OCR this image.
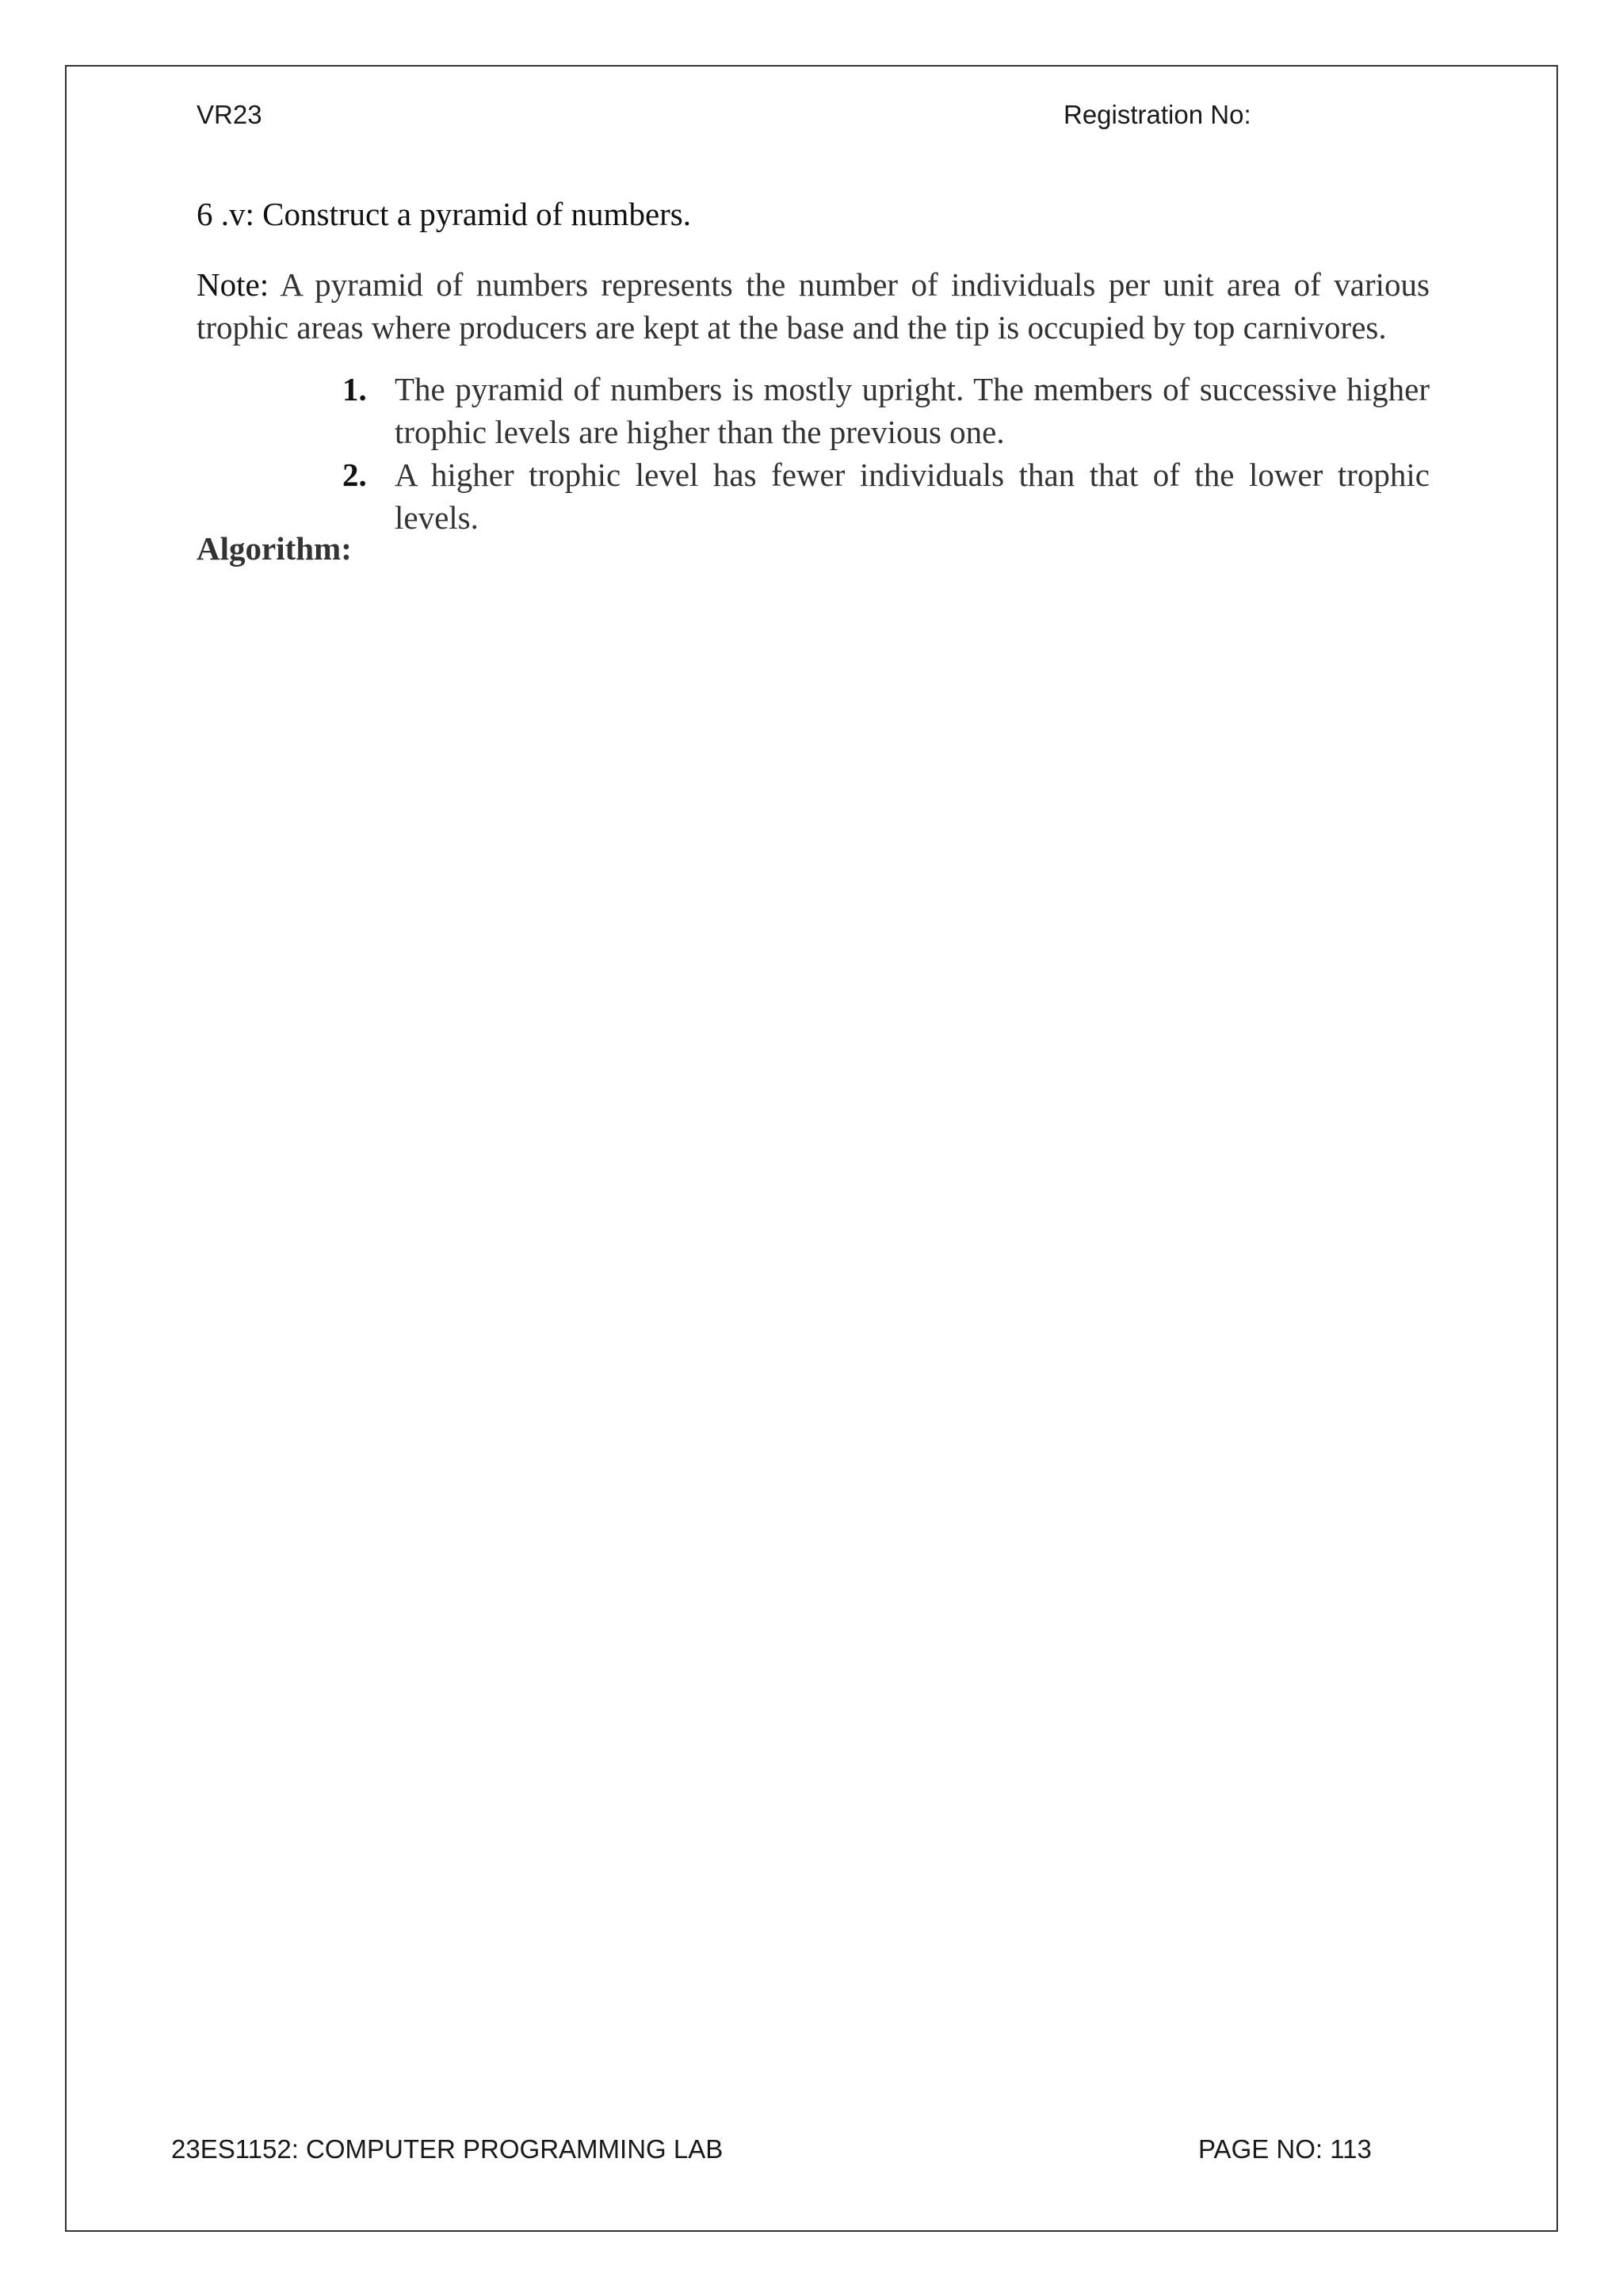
VR23	Registration No:
6 .v: Construct a pyramid of numbers.
Note: A pyramid of numbers represents the number of individuals per unit area of various trophic areas where producers are kept at the base and the tip is occupied by top carnivores.
1. The pyramid of numbers is mostly upright. The members of successive higher trophic levels are higher than the previous one.
2. A higher trophic level has fewer individuals than that of the lower trophic levels.
Algorithm:
23ES1152: COMPUTER PROGRAMMING LAB	PAGE NO: 113
